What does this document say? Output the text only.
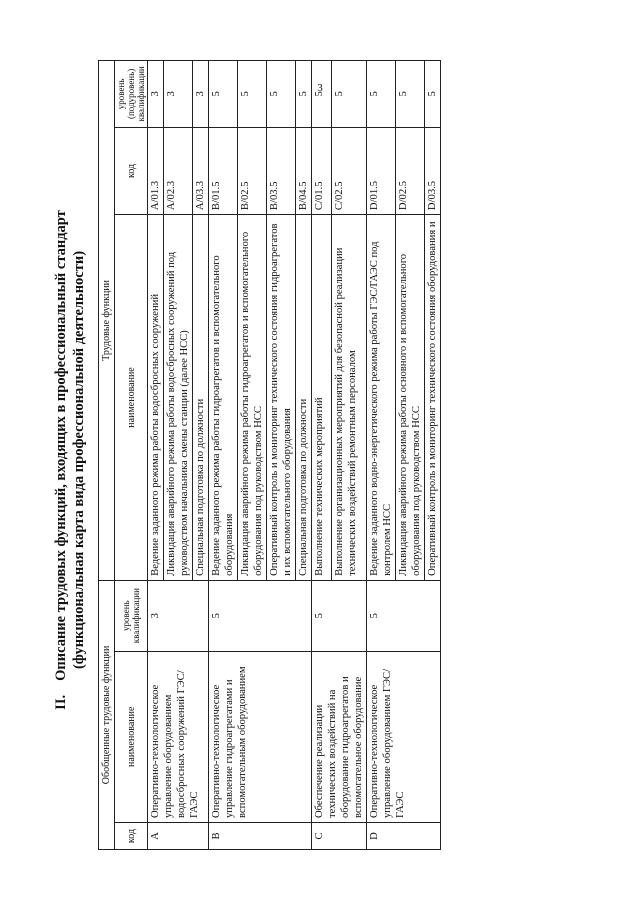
3
II.Описание трудовых функций, входящих в профессиональный стандарт (функциональная карта вида профессиональной деятельности)
Обобщенные трудовые функции			Трудовые функции		
код	наименование	уровень квалификации	наименование	код	уровень (подуровень) квалификации
A	Оперативно-технологическое управление оборудованием водосбросных сооружений ГЭС/ГАЭС	3	Ведение заданного режима работы водосбросных сооружений	A/01.3	3
			Ликвидация аварийного режима работы водосбросных сооружений под руководством начальника смены станции (далее НСС)	A/02.3	3
			Специальная подготовка по должности	A/03.3	3
B	Оперативно-технологическое управление гидроагрегатами и вспомогательным оборудованием	5	Ведение заданного режима работы гидроагрегатов и вспомогательного оборудования	B/01.5	5
			Ликвидация аварийного режима работы гидроагрегатов и вспомогательного оборудования под руководством НСС	B/02.5	5
			Оперативный контроль и мониторинг технического состояния гидроагрегатов и их вспомогательного оборудования	B/03.5	5
			Специальная подготовка по должности	B/04.5	5
C	Обеспечение реализации технических воздействий на оборудование гидроагрегатов и вспомогательное оборудование	5	Выполнение технических мероприятий	C/01.5	5
			Выполнение организационных мероприятий для безопасной реализации технических воздействий ремонтным персоналом	C/02.5	5
D	Оперативно-технологическое управление оборудованием ГЭС/ГАЭС	5	Ведение заданного водно-энергетического режима работы ГЭС/ГАЭС под контролем НСС	D/01.5	5
			Ликвидация аварийного режима работы основного и вспомогательного оборудования под руководством НСС	D/02.5	5
			Оперативный контроль и мониторинг технического состояния оборудования и	D/03.5	5
